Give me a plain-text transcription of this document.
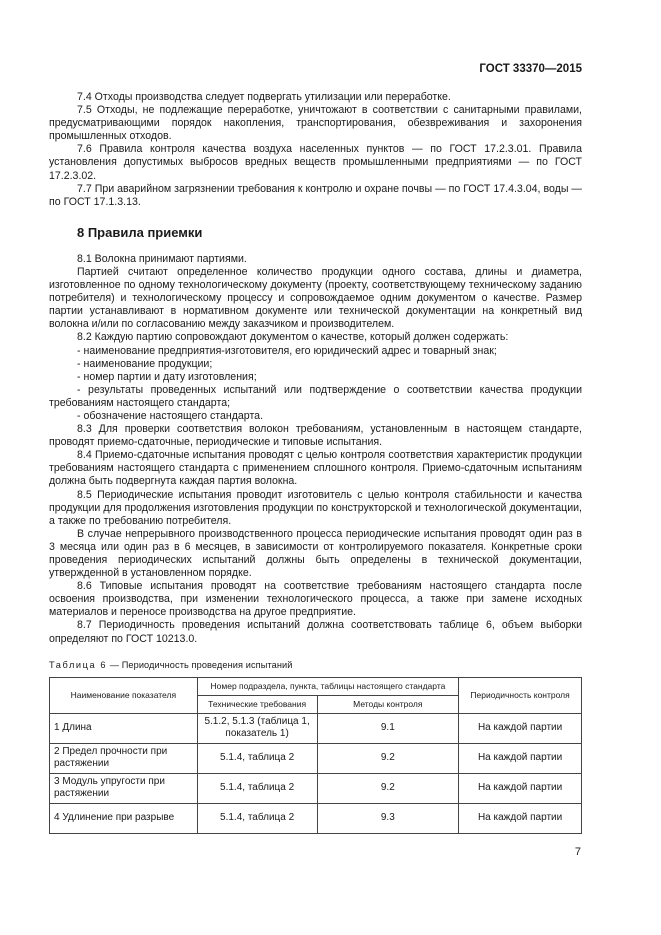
ГОСТ 33370—2015

7.4 Отходы производства следует подвергать утилизации или переработке.

7.5 Отходы, не подлежащие переработке, уничтожают в соответствии с санитарными правилами, предусматривающими порядок накопления, транспортирования, обезвреживания и захоронения промышленных отходов.

7.6 Правила контроля качества воздуха населенных пунктов — по ГОСТ 17.2.3.01. Правила установления допустимых выбросов вредных веществ промышленными предприятиями — по ГОСТ 17.2.3.02.

7.7 При аварийном загрязнении требования к контролю и охране почвы — по ГОСТ 17.4.3.04, воды — по ГОСТ 17.1.3.13.

8 Правила приемки

8.1 Волокна принимают партиями.

Партией считают определенное количество продукции одного состава, длины и диаметра, изготовленное по одному технологическому документу (проекту, соответствующему техническому заданию потребителя) и технологическому процессу и сопровождаемое одним документом о качестве. Размер партии устанавливают в нормативном документе или технической документации на конкретный вид волокна и/или по согласованию между заказчиком и производителем.

8.2 Каждую партию сопровождают документом о качестве, который должен содержать:

- наименование предприятия-изготовителя, его юридический адрес и товарный знак;

- наименование продукции;

- номер партии и дату изготовления;

- результаты проведенных испытаний или подтверждение о соответствии качества продукции требованиям настоящего стандарта;

- обозначение настоящего стандарта.

8.3 Для проверки соответствия волокон требованиям, установленным в настоящем стандарте, проводят приемо-сдаточные, периодические и типовые испытания.

8.4 Приемо-сдаточные испытания проводят с целью контроля соответствия характеристик продукции требованиям настоящего стандарта с применением сплошного контроля. Приемо-сдаточным испытаниям должна быть подвергнута каждая партия волокна.

8.5 Периодические испытания проводит изготовитель с целью контроля стабильности и качества продукции для продолжения изготовления продукции по конструкторской и технологической документации, а также по требованию потребителя.

В случае непрерывного производственного процесса периодические испытания проводят один раз в 3 месяца или один раз в 6 месяцев, в зависимости от контролируемого показателя. Конкретные сроки проведения периодических испытаний должны быть определены в технической документации, утвержденной в установленном порядке.

8.6 Типовые испытания проводят на соответствие требованиям настоящего стандарта после освоения производства, при изменении технологического процесса, а также при замене исходных материалов и переносе производства на другое предприятие.

8.7 Периодичность проведения испытаний должна соответствовать таблице 6, объем выборки определяют по ГОСТ 10213.0.

Таблица 6 — Периодичность проведения испытаний
Наименование показателя	Номер подраздела, пункта, таблицы настоящего стандарта		Периодичность контроля
	Технические требования	Методы контроля	
1 Длина	5.1.2, 5.1.3 (таблица 1, показатель 1)	9.1	На каждой партии
2 Предел прочности при растяжении	5.1.4, таблица 2	9.2	На каждой партии
3 Модуль упругости при растяжении	5.1.4, таблица 2	9.2	На каждой партии
4 Удлинение при разрыве	5.1.4, таблица 2	9.3	На каждой партии
7
